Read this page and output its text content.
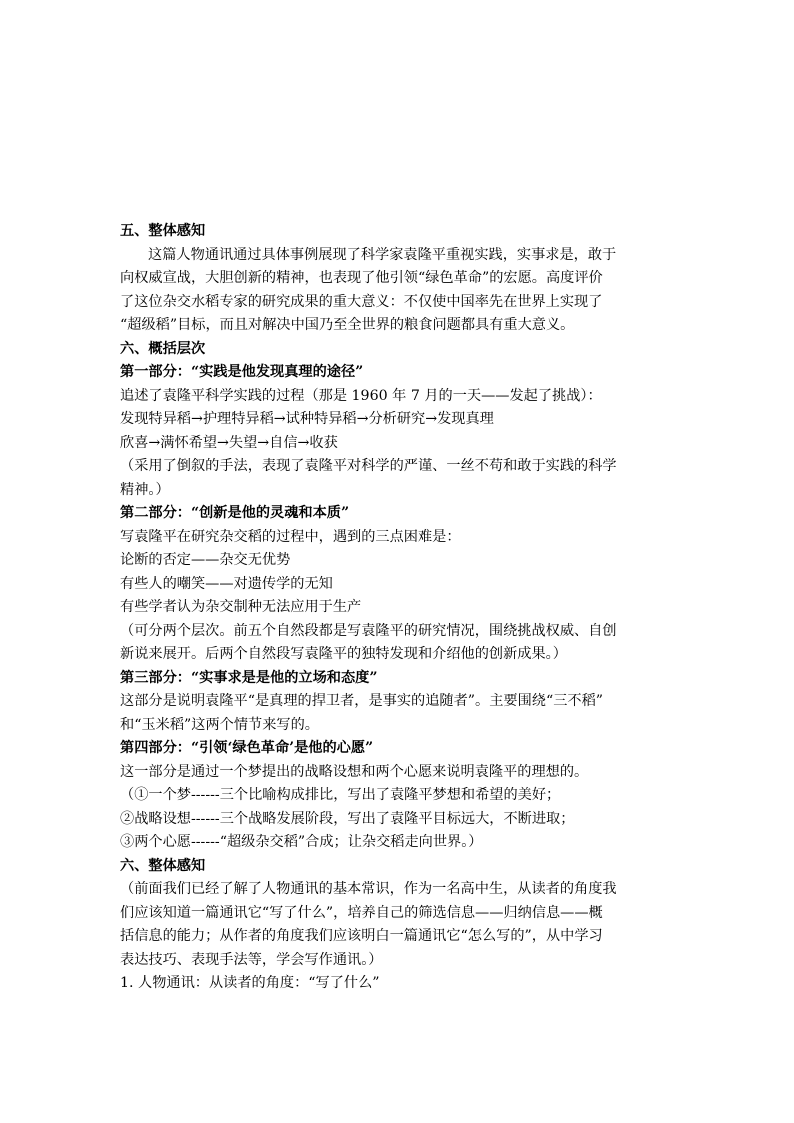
五、整体感知
这篇人物通讯通过具体事例展现了科学家袁隆平重视实践，实事求是，敢于
向权威宣战，大胆创新的精神，也表现了他引领“绿色革命”的宏愿。高度评价
了这位杂交水稻专家的研究成果的重大意义：不仅使中国率先在世界上实现了
“超级稻”目标，而且对解决中国乃至全世界的粮食问题都具有重大意义。
六、概括层次
第一部分：“实践是他发现真理的途径”
追述了袁隆平科学实践的过程（那是 1960 年 7 月的一天——发起了挑战）：
发现特异稻→护理特异稻→试种特异稻→分析研究→发现真理
欣喜→满怀希望→失望→自信→收获
（采用了倒叙的手法，表现了袁隆平对科学的严谨、一丝不苟和敢于实践的科学
精神。）
第二部分：“创新是他的灵魂和本质”
写袁隆平在研究杂交稻的过程中，遇到的三点困难是：
论断的否定——杂交无优势
有些人的嘲笑——对遗传学的无知
有些学者认为杂交制种无法应用于生产
（可分两个层次。前五个自然段都是写袁隆平的研究情况，围绕挑战权威、自创
新说来展开。后两个自然段写袁隆平的独特发现和介绍他的创新成果。）
第三部分：“实事求是是他的立场和态度”
这部分是说明袁隆平“是真理的捍卫者，是事实的追随者”。主要围绕“三不稻”
和“玉米稻”这两个情节来写的。
第四部分：“引领‘绿色革命’是他的心愿”
这一部分是通过一个梦提出的战略设想和两个心愿来说明袁隆平的理想的。
（①一个梦------三个比喻构成排比，写出了袁隆平梦想和希望的美好；
②战略设想------三个战略发展阶段，写出了袁隆平目标远大，不断进取；
③两个心愿------“超级杂交稻”合成；让杂交稻走向世界。）
六、整体感知
（前面我们已经了解了人物通讯的基本常识，作为一名高中生，从读者的角度我
们应该知道一篇通讯它“写了什么”，培养自己的筛选信息——归纳信息——概
括信息的能力；从作者的角度我们应该明白一篇通讯它“怎么写的”，从中学习
表达技巧、表现手法等，学会写作通讯。）
1. 人物通讯：从读者的角度：“写了什么”
